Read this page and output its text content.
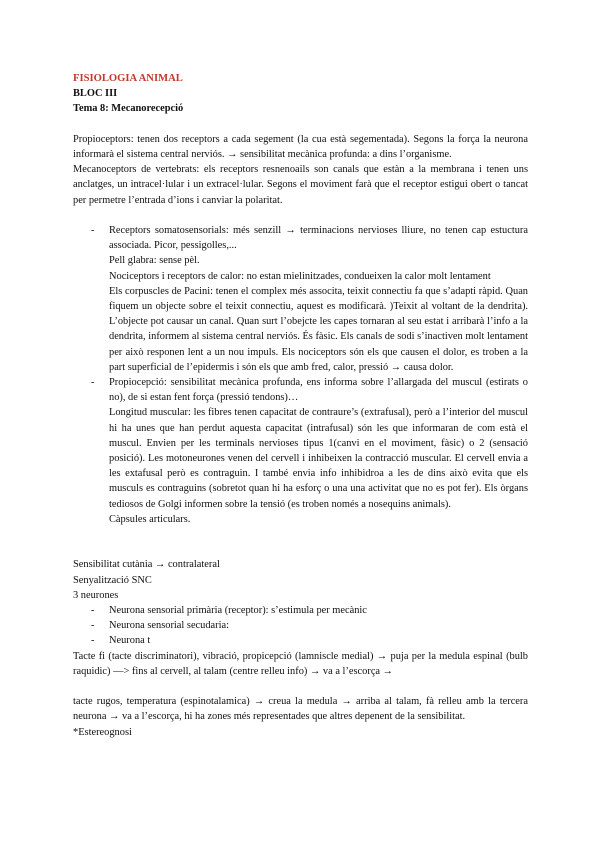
FISIOLOGIA ANIMAL
BLOC III
Tema 8: Mecanorecepció

Propioceptors: tenen dos receptors a cada segement (la cua està segementada). Segons la força la neurona informarà el sistema central nerviós. → sensibilitat mecànica profunda: a dins l’organisme.

Mecanoceptors de vertebrats: els receptors resnenoails son canals que estàn a la membrana i tenen uns anclatges, un intracel·lular i un extracel·lular. Segons el moviment farà que el receptor estigui obert o tancat per permetre l’entrada d’ions i canviar la polaritat.

- Receptors somatosensorials: més senzill → terminacions nervioses lliure, no tenen cap estuctura associada. Picor, pessigolles,...

Pell glabra: sense pèl.

Nociceptors i receptors de calor: no estan mielinitzades, condueixen la calor molt lentament

Els corpuscles de Pacini: tenen el complex més associta, teixit connectiu fa que s’adapti ràpid. Quan fiquem un objecte sobre el teixit connectiu, aquest es modificarà. )Teixit al voltant de la dendrita). L’objecte pot causar un canal. Quan surt l’obejcte les capes tornaran al seu estat i arribarà l’info a la dendrita, informem al sistema central nerviós. És fàsic. Els canals de sodi s’inactiven molt lentament per això responen lent a un nou impuls. Els nociceptors són els que causen el dolor, es troben a la part superficial de l’epidermis i són els que amb fred, calor, pressió → causa dolor.

- Propiocepció: sensibilitat mecànica profunda, ens informa sobre l’allargada del muscul (estirats o no), de si estan fent força (pressió tendons)…

Longitud muscular: les fibres tenen capacitat de contraure’s (extrafusal), però a l’interior del muscul hi ha unes que han perdut aquesta capacitat (intrafusal) són les que informaran de com està el muscul. Envien per les terminals nervioses tipus 1(canvi en el moviment, fàsic) o 2 (sensació posició). Les motoneurones venen del cervell i inhibeixen la contracció muscular. El cervell envia a les extafusal però es contraguin. I també envia info inhibidroa a les de dins això evita que els musculs es contraguins (sobretot quan hi ha esforç o una una activitat que no es pot fer). Els òrgans tediosos de Golgi informen sobre la tensió (es troben només a nosequins animals).

Càpsules articulars.

Sensibilitat cutània → contralateral

Senyalització SNC

3 neurones

- Neurona sensorial primària (receptor): s’estimula per mecànic
- Neurona sensorial secudaria:
- Neurona t

Tacte fi (tacte discriminatori), vibració, propicepció (lamniscle medial) → puja per la medula espinal (bulb raquidic) —> fins al cervell, al talam (centre relleu info) → va a l’escorça →

tacte rugos, temperatura (espinotalamica) → creua la medula → arriba al talam, fà relleu amb la tercera neurona → va a l’escorça, hi ha zones més representades que altres depenent de la sensibilitat.

*Estereognosi
